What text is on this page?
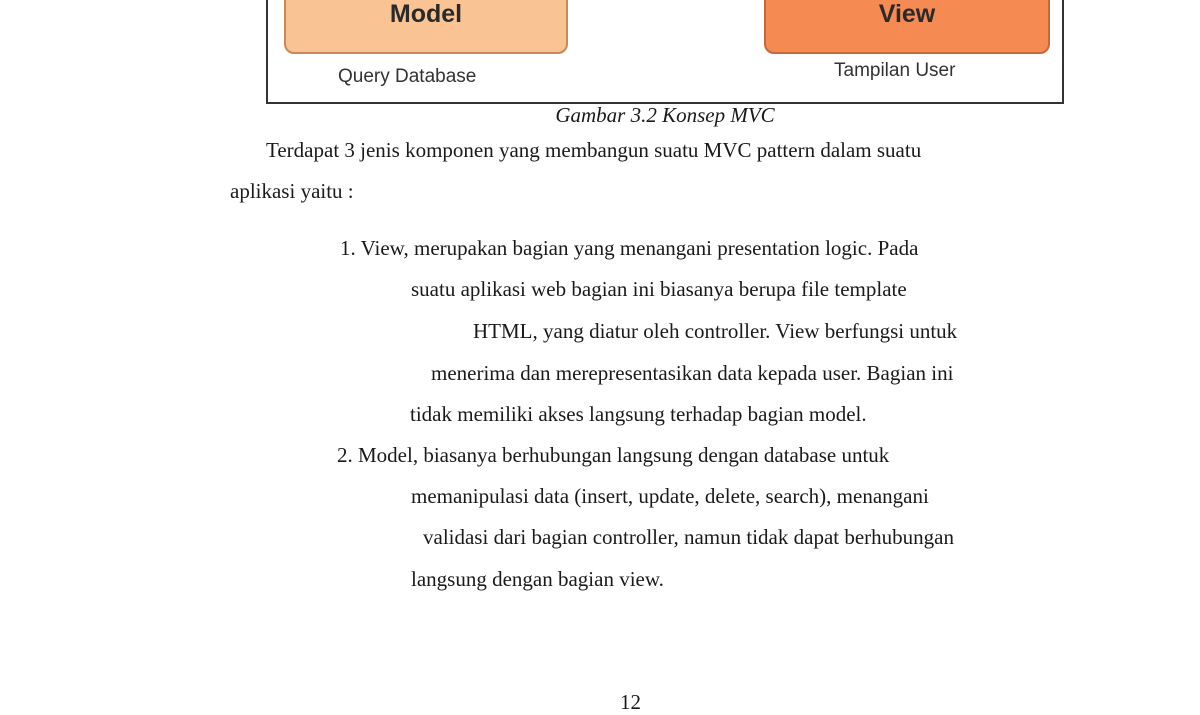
Model
Query Database
View
Tampilan User
Gambar 3.2 Konsep MVC
Terdapat 3 jenis komponen yang membangun suatu MVC pattern dalam suatu
aplikasi yaitu :
1. View, merupakan bagian yang menangani presentation logic. Pada
suatu aplikasi web bagian ini biasanya berupa file template
HTML, yang diatur oleh controller. View berfungsi untuk
menerima dan merepresentasikan data kepada user. Bagian ini
tidak memiliki akses langsung terhadap bagian model.
2. Model, biasanya berhubungan langsung dengan database untuk
memanipulasi data (insert, update, delete, search), menangani
validasi dari bagian controller, namun tidak dapat berhubungan
langsung dengan bagian view.
12
